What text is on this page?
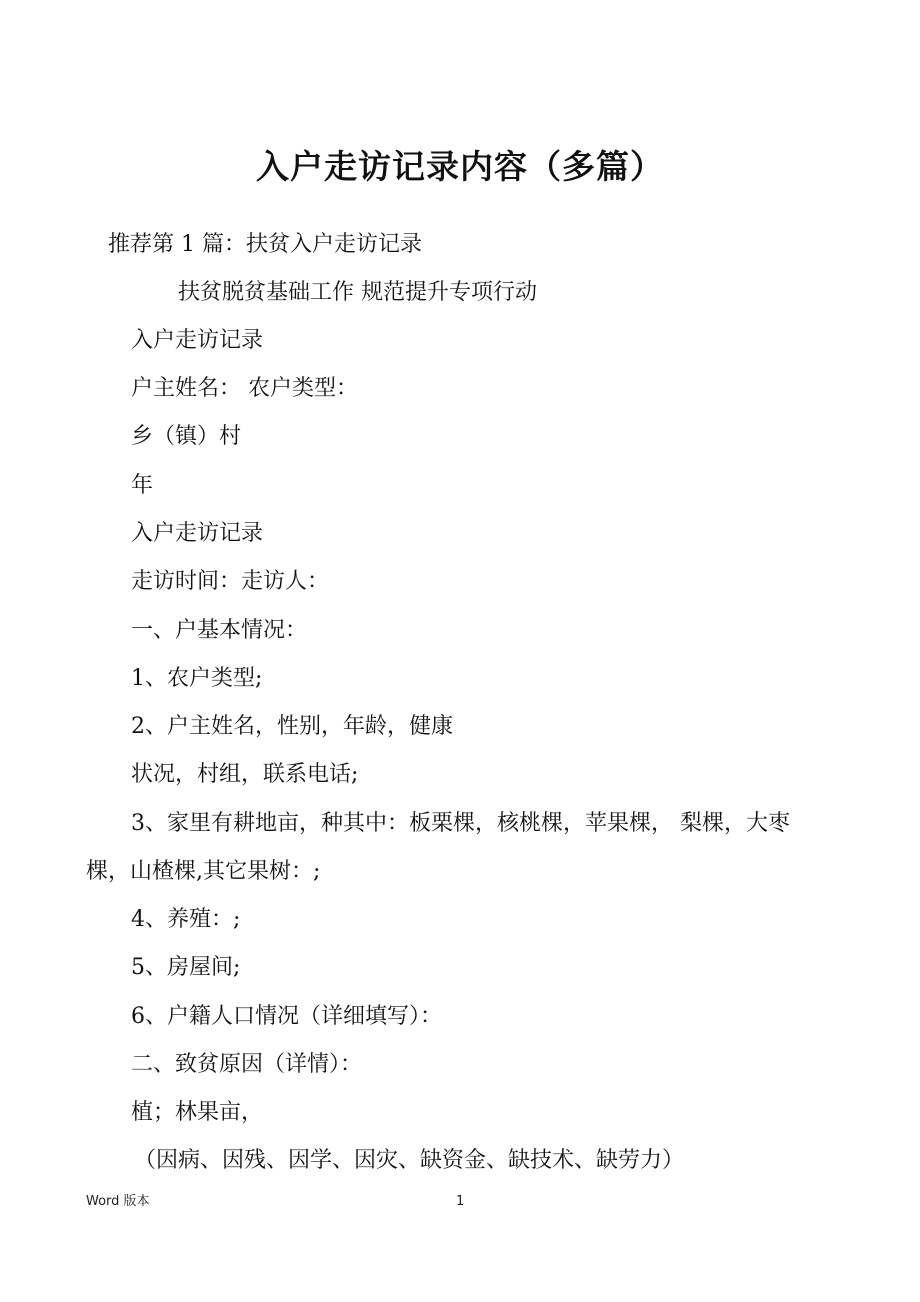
入户走访记录内容（多篇）
推荐第 1 篇：扶贫入户走访记录
扶贫脱贫基础工作 规范提升专项行动
入户走访记录
户主姓名： 农户类型：
乡（镇）村
年
入户走访记录
走访时间：走访人：
一、户基本情况：
1、农户类型;
2、户主姓名，性别，年龄，健康
状况，村组，联系电话;
3、家里有耕地亩，种其中：板栗棵，核桃棵，苹果棵， 梨棵，大枣
棵，山楂棵,其它果树：;
4、养殖：;
5、房屋间;
6、户籍人口情况（详细填写）：
二、致贫原因（详情）：
植；林果亩，
（因病、因残、因学、因灾、缺资金、缺技术、缺劳力）
Word 版本	1
